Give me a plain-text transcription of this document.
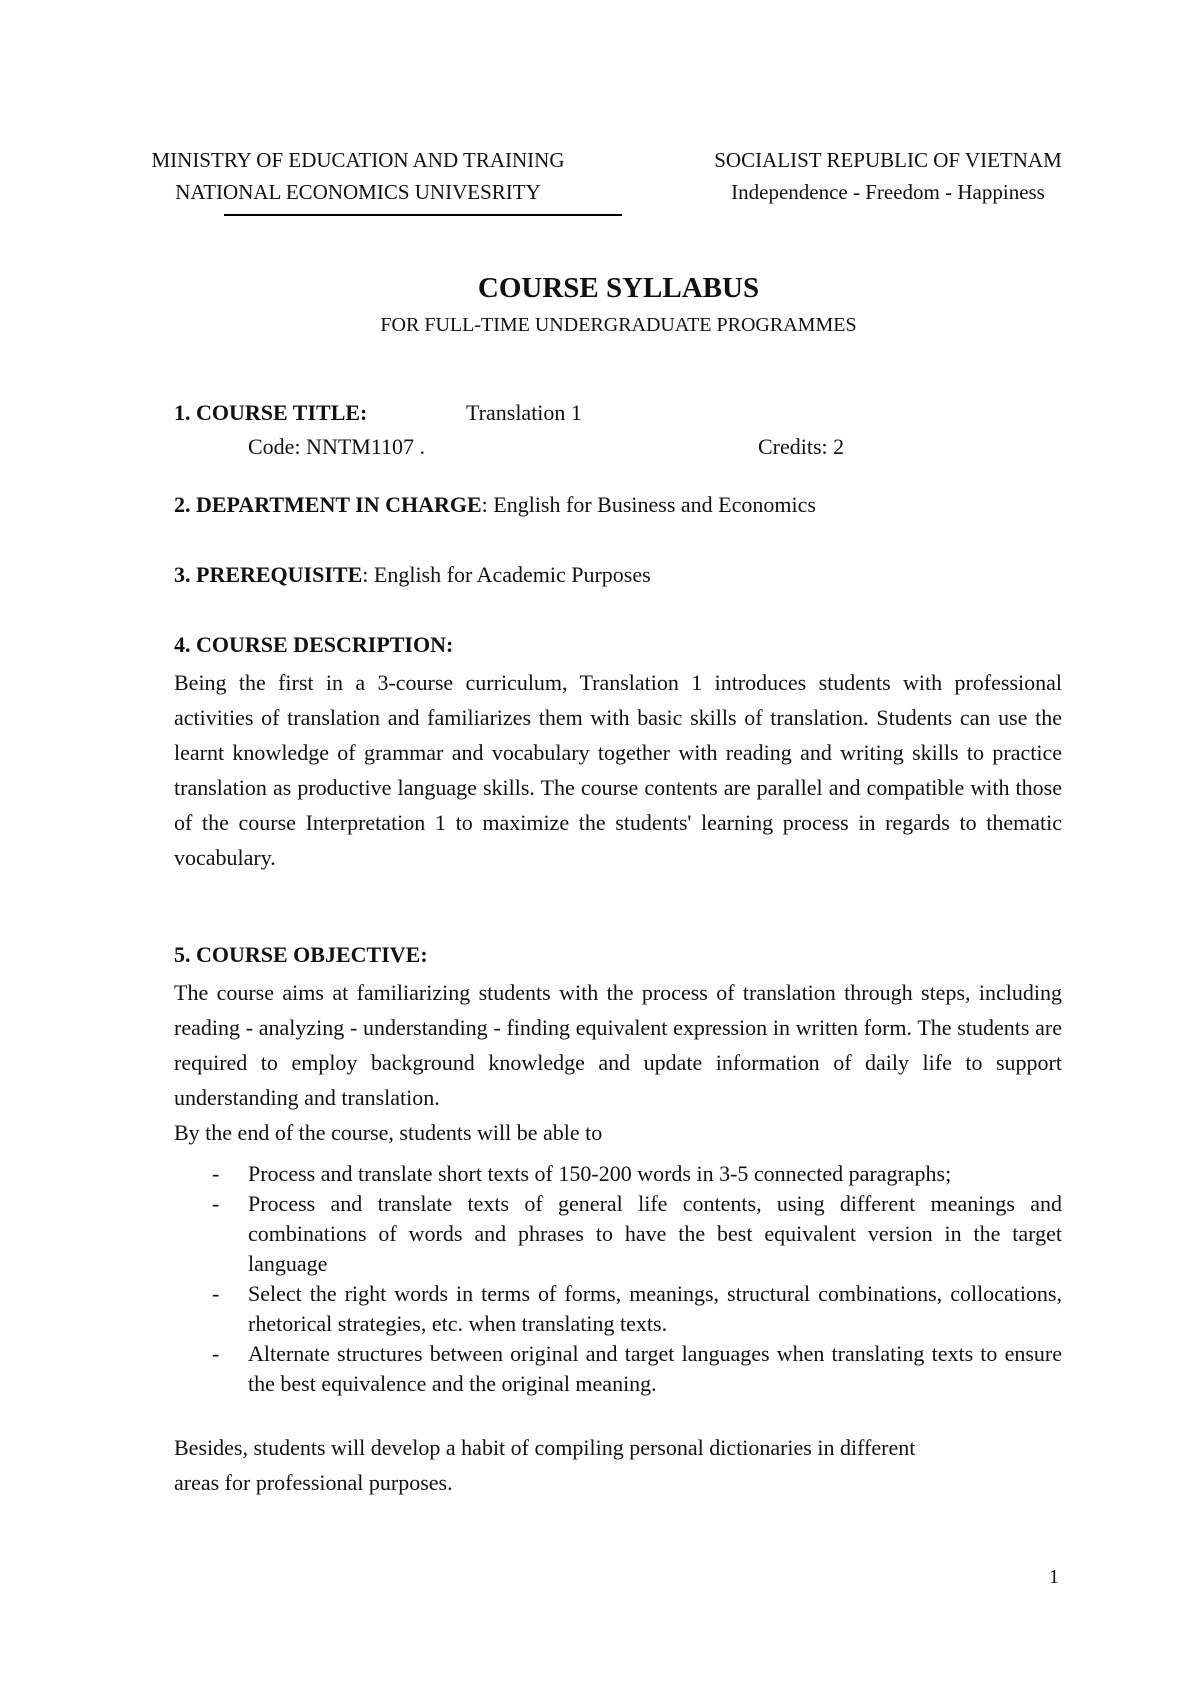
MINISTRY OF EDUCATION AND TRAINING
NATIONAL ECONOMICS UNIVESRITY
SOCIALIST REPUBLIC OF VIETNAM
Independence - Freedom - Happiness
COURSE SYLLABUS
FOR FULL-TIME UNDERGRADUATE PROGRAMMES
1. COURSE TITLE:	Translation 1
Code: NNTM1107 .	Credits: 2
2. DEPARTMENT IN CHARGE: English for Business and Economics
3. PREREQUISITE: English for Academic Purposes
4. COURSE DESCRIPTION:
Being the first in a 3-course curriculum, Translation 1 introduces students with professional activities of translation and familiarizes them with basic skills of translation. Students can use the learnt knowledge of grammar and vocabulary together with reading and writing skills to practice translation as productive language skills. The course contents are parallel and compatible with those of the course Interpretation 1 to maximize the students' learning process in regards to thematic vocabulary.
5. COURSE OBJECTIVE:
The course aims at familiarizing students with the process of translation through steps, including reading - analyzing - understanding - finding equivalent expression in written form. The students are required to employ background knowledge and update information of daily life to support understanding and translation.
By the end of the course, students will be able to
- Process and translate short texts of 150-200 words in 3-5 connected paragraphs;
- Process and translate texts of general life contents, using different meanings and combinations of words and phrases to have the best equivalent version in the target language
- Select the right words in terms of forms, meanings, structural combinations, collocations, rhetorical strategies, etc. when translating texts.
- Alternate structures between original and target languages when translating texts to ensure the best equivalence and the original meaning.
Besides, students will develop a habit of compiling personal dictionaries in different areas for professional purposes.
1
